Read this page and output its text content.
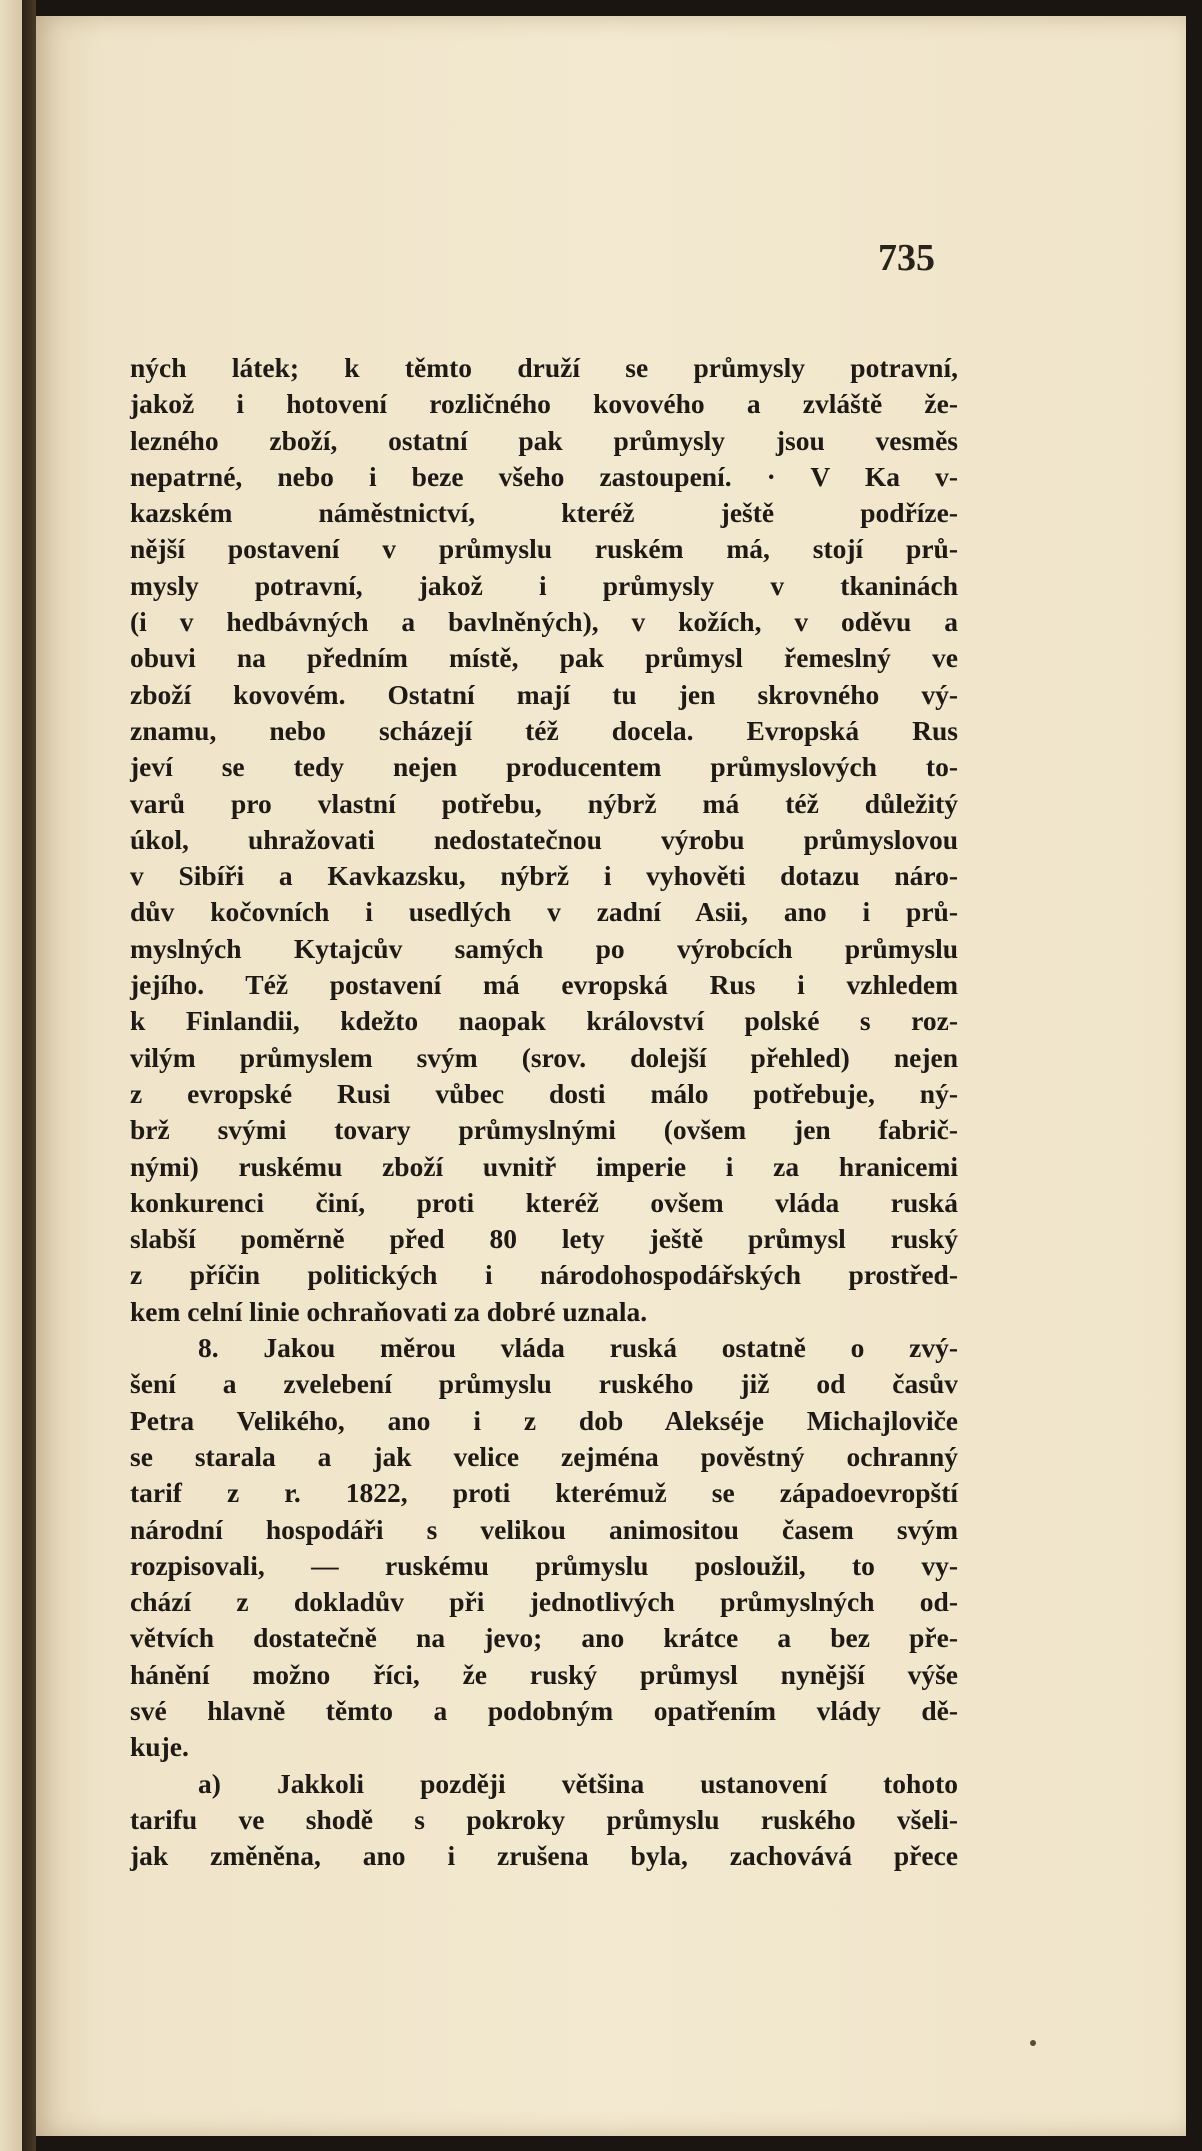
735
ných látek; k těmto druží se průmysly potravní,
jakož i hotovení rozličného kovového a zvláště že-
lezného zboží, ostatní pak průmysly jsou vesměs
nepatrné, nebo i beze všeho zastoupení. · V Ka v-
kazském náměstnictví, kteréž ještě podříze-
nější postavení v průmyslu ruském má, stojí prů-
mysly potravní, jakož i průmysly v tkaninách
(i v hedbávných a bavlněných), v kožích, v oděvu a
obuvi na předním místě, pak průmysl řemeslný ve
zboží kovovém. Ostatní mají tu jen skrovného vý-
znamu, nebo scházejí též docela. Evropská Rus
jeví se tedy nejen producentem průmyslových to-
varů pro vlastní potřebu, nýbrž má též důležitý
úkol, uhražovati nedostatečnou výrobu průmyslovou
v Sibíři a Kavkazsku, nýbrž i vyhověti dotazu náro-
dův kočovních i usedlých v zadní Asii, ano i prů-
myslných Kytajcův samých po výrobcích průmyslu
jejího. Též postavení má evropská Rus i vzhledem
k Finlandii, kdežto naopak království polské s roz-
vilým průmyslem svým (srov. dolejší přehled) nejen
z evropské Rusi vůbec dosti málo potřebuje, ný-
brž svými tovary průmyslnými (ovšem jen fabrič-
nými) ruskému zboží uvnitř imperie i za hranicemi
konkurenci činí, proti kteréž ovšem vláda ruská
slabší poměrně před 80 lety ještě průmysl ruský
z příčin politických i národohospodářských prostřed-
kem celní linie ochraňovati za dobré uznala.
8. Jakou měrou vláda ruská ostatně o zvý-
šení a zvelebení průmyslu ruského již od časův
Petra Velikého, ano i z dob Alekséje Michajloviče
se starala a jak velice zejména pověstný ochranný
tarif z r. 1822, proti kterémuž se západoevropští
národní hospodáři s velikou animositou časem svým
rozpisovali, — ruskému průmyslu posloužil, to vy-
chází z dokladův při jednotlivých průmyslných od-
větvích dostatečně na jevo; ano krátce a bez pře-
hánění možno říci, že ruský průmysl nynější výše
své hlavně těmto a podobným opatřením vlády dě-
kuje.
a) Jakkoli později většina ustanovení tohoto
tarifu ve shodě s pokroky průmyslu ruského všeli-
jak změněna, ano i zrušena byla, zachovává přece
